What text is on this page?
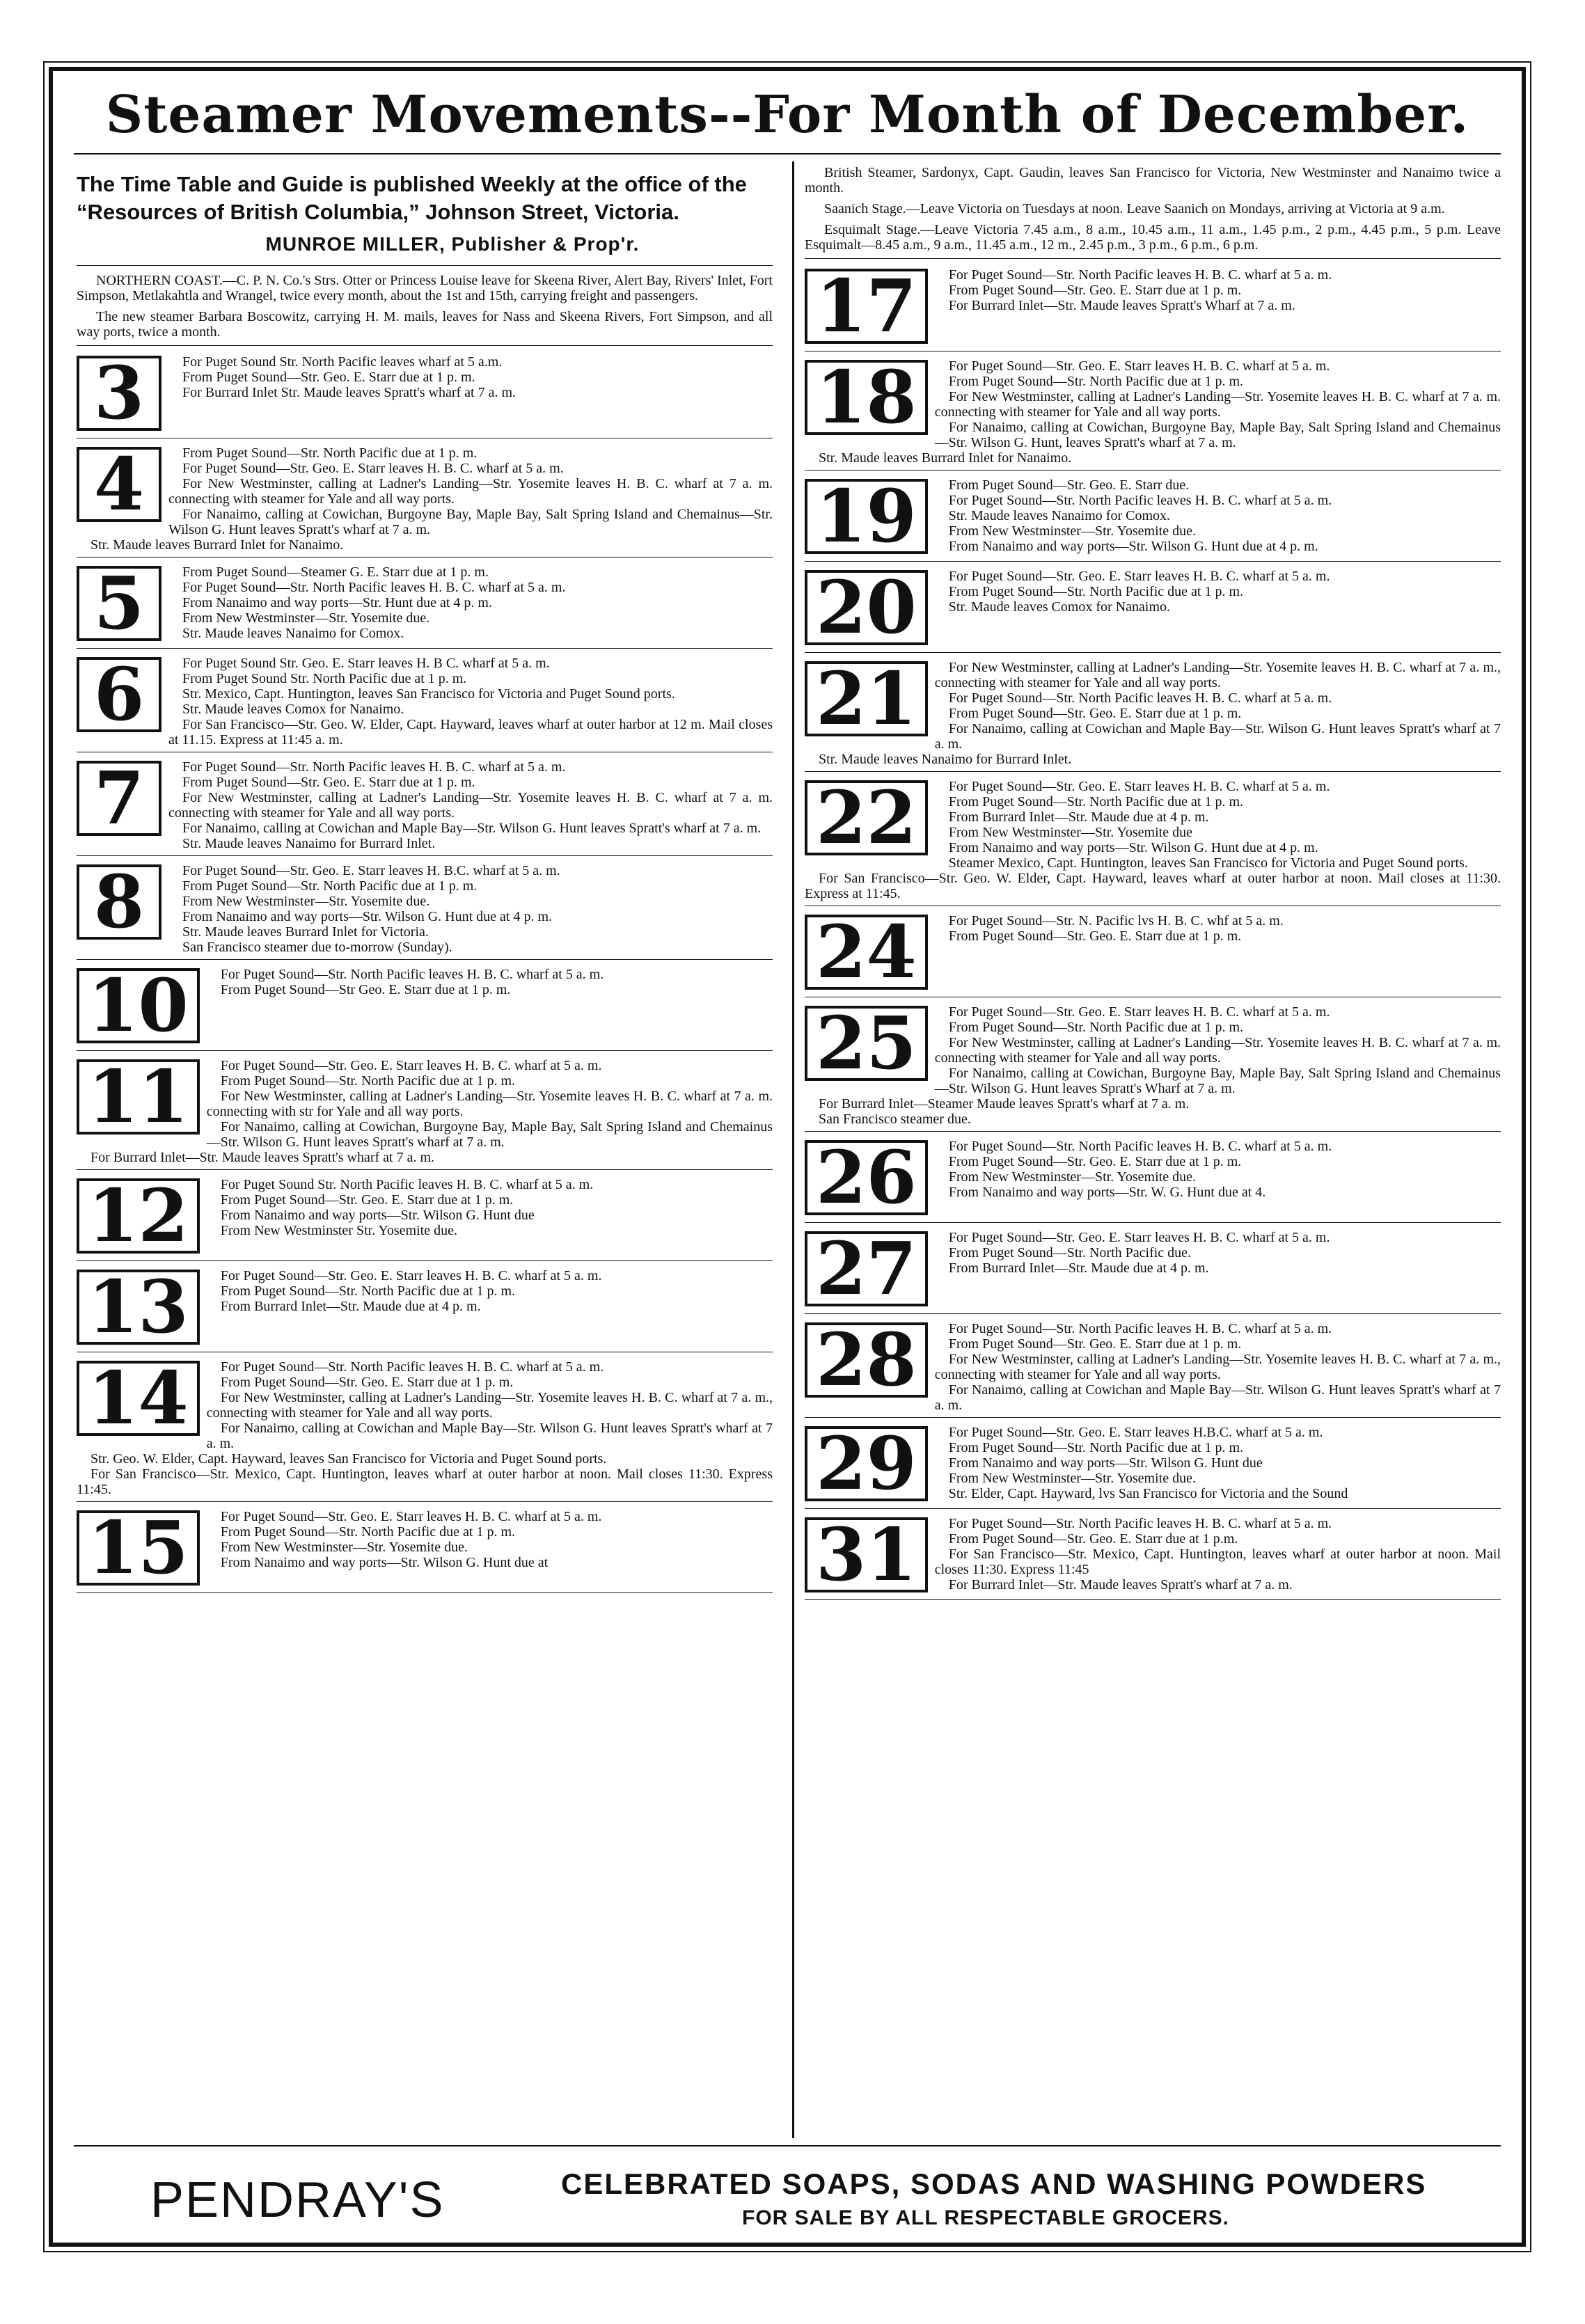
Steamer Movements--For Month of December.

The Time Table and Guide is published Weekly at the office of the “Resources of British Columbia,” Johnson Street, Victoria.

MUNROE MILLER, Publisher & Prop'r.

NORTHERN COAST.—C. P. N. Co.'s Strs. Otter or Princess Louise leave for Skeena River, Alert Bay, Rivers' Inlet, Fort Simpson, Metlakahtla and Wrangel, twice every month, about the 1st and 15th, carrying freight and passengers.

The new steamer Barbara Boscowitz, carrying H. M. mails, leaves for Nass and Skeena Rivers, Fort Simpson, and all way ports, twice a month.

3	For Puget Sound Str. North Pacific leaves wharf at 5 a.m.
From Puget Sound—Str. Geo. E. Starr due at 1 p. m.
For Burrard Inlet Str. Maude leaves Spratt's wharf at 7 a. m.
4	From Puget Sound—Str. North Pacific due at 1 p. m.
For Puget Sound—Str. Geo. E. Starr leaves H. B. C. wharf at 5 a. m.
For New Westminster, calling at Ladner's Landing—Str. Yosemite leaves H. B. C. wharf at 7 a. m. connecting with steamer for Yale and all way ports.
For Nanaimo, calling at Cowichan, Burgoyne Bay, Maple Bay, Salt Spring Island and Chemainus—Str. Wilson G. Hunt leaves Spratt's wharf at 7 a. m.
Str. Maude leaves Burrard Inlet for Nanaimo.
5	From Puget Sound—Steamer G. E. Starr due at 1 p. m.
For Puget Sound—Str. North Pacific leaves H. B. C. wharf at 5 a. m.
From Nanaimo and way ports—Str. Hunt due at 4 p. m.
From New Westminster—Str. Yosemite due.
Str. Maude leaves Nanaimo for Comox.
6	For Puget Sound Str. Geo. E. Starr leaves H. B C. wharf at 5 a. m.
From Puget Sound Str. North Pacific due at 1 p. m.
Str. Mexico, Capt. Huntington, leaves San Francisco for Victoria and Puget Sound ports.
Str. Maude leaves Comox for Nanaimo.
For San Francisco—Str. Geo. W. Elder, Capt. Hayward, leaves wharf at outer harbor at 12 m. Mail closes at 11.15. Express at 11:45 a. m.
7	For Puget Sound—Str. North Pacific leaves H. B. C. wharf at 5 a. m.
From Puget Sound—Str. Geo. E. Starr due at 1 p. m.
For New Westminster, calling at Ladner's Landing—Str. Yosemite leaves H. B. C. wharf at 7 a. m. connecting with steamer for Yale and all way ports.
For Nanaimo, calling at Cowichan and Maple Bay—Str. Wilson G. Hunt leaves Spratt's wharf at 7 a. m.
Str. Maude leaves Nanaimo for Burrard Inlet.
8	For Puget Sound—Str. Geo. E. Starr leaves H. B.C. wharf at 5 a. m.
From Puget Sound—Str. North Pacific due at 1 p. m.
From New Westminster—Str. Yosemite due.
From Nanaimo and way ports—Str. Wilson G. Hunt due at 4 p. m.
Str. Maude leaves Burrard Inlet for Victoria.
San Francisco steamer due to-morrow (Sunday).
10	For Puget Sound—Str. North Pacific leaves H. B. C. wharf at 5 a. m.
From Puget Sound—Str Geo. E. Starr due at 1 p. m.
11	For Puget Sound—Str. Geo. E. Starr leaves H. B. C. wharf at 5 a. m.
From Puget Sound—Str. North Pacific due at 1 p. m.
For New Westminster, calling at Ladner's Landing—Str. Yosemite leaves H. B. C. wharf at 7 a. m. connecting with str for Yale and all way ports.
For Nanaimo, calling at Cowichan, Burgoyne Bay, Maple Bay, Salt Spring Island and Chemainus—Str. Wilson G. Hunt leaves Spratt's wharf at 7 a. m.
For Burrard Inlet—Str. Maude leaves Spratt's wharf at 7 a. m.
12	For Puget Sound Str. North Pacific leaves H. B. C. wharf at 5 a. m.
From Puget Sound—Str. Geo. E. Starr due at 1 p. m.
From Nanaimo and way ports—Str. Wilson G. Hunt due
From New Westminster Str. Yosemite due.
13	For Puget Sound—Str. Geo. E. Starr leaves H. B. C. wharf at 5 a. m.
From Puget Sound—Str. North Pacific due at 1 p. m.
From Burrard Inlet—Str. Maude due at 4 p. m.
14	For Puget Sound—Str. North Pacific leaves H. B. C. wharf at 5 a. m.
From Puget Sound—Str. Geo. E. Starr due at 1 p. m.
For New Westminster, calling at Ladner's Landing—Str. Yosemite leaves H. B. C. wharf at 7 a. m., connecting with steamer for Yale and all way ports.
For Nanaimo, calling at Cowichan and Maple Bay—Str. Wilson G. Hunt leaves Spratt's wharf at 7 a. m.
Str. Geo. W. Elder, Capt. Hayward, leaves San Francisco for Victoria and Puget Sound ports.
For San Francisco—Str. Mexico, Capt. Huntington, leaves wharf at outer harbor at noon. Mail closes 11:30. Express 11:45.
15	For Puget Sound—Str. Geo. E. Starr leaves H. B. C. wharf at 5 a. m.
From Puget Sound—Str. North Pacific due at 1 p. m.
From New Westminster—Str. Yosemite due.
From Nanaimo and way ports—Str. Wilson G. Hunt due at

British Steamer, Sardonyx, Capt. Gaudin, leaves San Francisco for Victoria, New Westminster and Nanaimo twice a month.

Saanich Stage.—Leave Victoria on Tuesdays at noon. Leave Saanich on Mondays, arriving at Victoria at 9 a.m.

Esquimalt Stage.—Leave Victoria 7.45 a.m., 8 a.m., 10.45 a.m., 11 a.m., 1.45 p.m., 2 p.m., 4.45 p.m., 5 p.m. Leave Esquimalt—8.45 a.m., 9 a.m., 11.45 a.m., 12 m., 2.45 p.m., 3 p.m., 6 p.m., 6 p.m.

17	For Puget Sound—Str. North Pacific leaves H. B. C. wharf at 5 a. m.
From Puget Sound—Str. Geo. E. Starr due at 1 p. m.
For Burrard Inlet—Str. Maude leaves Spratt's Wharf at 7 a. m.
18	For Puget Sound—Str. Geo. E. Starr leaves H. B. C. wharf at 5 a. m.
From Puget Sound—Str. North Pacific due at 1 p. m.
For New Westminster, calling at Ladner's Landing—Str. Yosemite leaves H. B. C. wharf at 7 a. m. connecting with steamer for Yale and all way ports.
For Nanaimo, calling at Cowichan, Burgoyne Bay, Maple Bay, Salt Spring Island and Chemainus—Str. Wilson G. Hunt, leaves Spratt's wharf at 7 a. m.
Str. Maude leaves Burrard Inlet for Nanaimo.
19	From Puget Sound—Str. Geo. E. Starr due.
For Puget Sound—Str. North Pacific leaves H. B. C. wharf at 5 a. m.
Str. Maude leaves Nanaimo for Comox.
From New Westminster—Str. Yosemite due.
From Nanaimo and way ports—Str. Wilson G. Hunt due at 4 p. m.
20	For Puget Sound—Str. Geo. E. Starr leaves H. B. C. wharf at 5 a. m.
From Puget Sound—Str. North Pacific due at 1 p. m.
Str. Maude leaves Comox for Nanaimo.
21	For New Westminster, calling at Ladner's Landing—Str. Yosemite leaves H. B. C. wharf at 7 a. m., connecting with steamer for Yale and all way ports.
For Puget Sound—Str. North Pacific leaves H. B. C. wharf at 5 a. m.
From Puget Sound—Str. Geo. E. Starr due at 1 p. m.
For Nanaimo, calling at Cowichan and Maple Bay—Str. Wilson G. Hunt leaves Spratt's wharf at 7 a. m.
Str. Maude leaves Nanaimo for Burrard Inlet.
22	For Puget Sound—Str. Geo. E. Starr leaves H. B. C. wharf at 5 a. m.
From Puget Sound—Str. North Pacific due at 1 p. m.
From Burrard Inlet—Str. Maude due at 4 p. m.
From New Westminster—Str. Yosemite due
From Nanaimo and way ports—Str. Wilson G. Hunt due at 4 p. m.
Steamer Mexico, Capt. Huntington, leaves San Francisco for Victoria and Puget Sound ports.
For San Francisco—Str. Geo. W. Elder, Capt. Hayward, leaves wharf at outer harbor at noon. Mail closes at 11:30. Express at 11:45.
24	For Puget Sound—Str. N. Pacific lvs H. B. C. whf at 5 a. m.
From Puget Sound—Str. Geo. E. Starr due at 1 p. m.
25	For Puget Sound—Str. Geo. E. Starr leaves H. B. C. wharf at 5 a. m.
From Puget Sound—Str. North Pacific due at 1 p. m.
For New Westminster, calling at Ladner's Landing—Str. Yosemite leaves H. B. C. wharf at 7 a. m. connecting with steamer for Yale and all way ports.
For Nanaimo, calling at Cowichan, Burgoyne Bay, Maple Bay, Salt Spring Island and Chemainus—Str. Wilson G. Hunt leaves Spratt's Wharf at 7 a. m.
For Burrard Inlet—Steamer Maude leaves Spratt's wharf at 7 a. m.
San Francisco steamer due.
26	For Puget Sound—Str. North Pacific leaves H. B. C. wharf at 5 a. m.
From Puget Sound—Str. Geo. E. Starr due at 1 p. m.
From New Westminster—Str. Yosemite due.
From Nanaimo and way ports—Str. W. G. Hunt due at 4.
27	For Puget Sound—Str. Geo. E. Starr leaves H. B. C. wharf at 5 a. m.
From Puget Sound—Str. North Pacific due.
From Burrard Inlet—Str. Maude due at 4 p. m.
28	For Puget Sound—Str. North Pacific leaves H. B. C. wharf at 5 a. m.
From Puget Sound—Str. Geo. E. Starr due at 1 p. m.
For New Westminster, calling at Ladner's Landing—Str. Yosemite leaves H. B. C. wharf at 7 a. m., connecting with steamer for Yale and all way ports.
For Nanaimo, calling at Cowichan and Maple Bay—Str. Wilson G. Hunt leaves Spratt's wharf at 7 a. m.
29	For Puget Sound—Str. Geo. E. Starr leaves H.B.C. wharf at 5 a. m.
From Puget Sound—Str. North Pacific due at 1 p. m.
From Nanaimo and way ports—Str. Wilson G. Hunt due
From New Westminster—Str. Yosemite due.
Str. Elder, Capt. Hayward, lvs San Francisco for Victoria and the Sound
31	For Puget Sound—Str. North Pacific leaves H. B. C. wharf at 5 a. m.
From Puget Sound—Str. Geo. E. Starr due at 1 p.m.
For San Francisco—Str. Mexico, Capt. Huntington, leaves wharf at outer harbor at noon. Mail closes 11:30. Express 11:45
For Burrard Inlet—Str. Maude leaves Spratt's wharf at 7 a. m.
PENDRAY'S	CELEBRATED SOAPS, SODAS AND WASHING POWDERS
FOR SALE BY ALL RESPECTABLE GROCERS.
